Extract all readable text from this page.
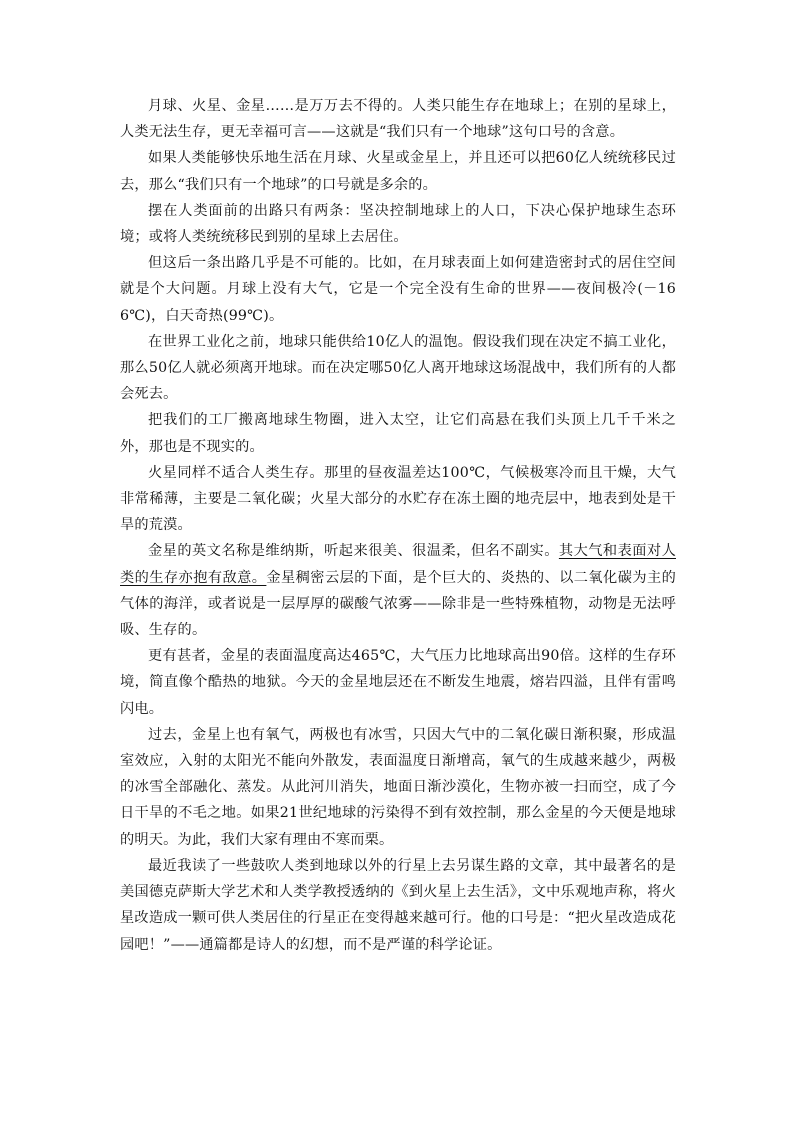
月球、火星、金星……是万万去不得的。人类只能生存在地球上；在别的星球上，人类无法生存，更无幸福可言——这就是“我们只有一个地球”这句口号的含意。

如果人类能够快乐地生活在月球、火星或金星上，并且还可以把60亿人统统移民过去，那么“我们只有一个地球”的口号就是多余的。

摆在人类面前的出路只有两条：坚决控制地球上的人口，下决心保护地球生态环境；或将人类统统移民到别的星球上去居住。

但这后一条出路几乎是不可能的。比如，在月球表面上如何建造密封式的居住空间就是个大问题。月球上没有大气，它是一个完全没有生命的世界——夜间极冷(－166℃)，白天奇热(99℃)。

在世界工业化之前，地球只能供给10亿人的温饱。假设我们现在决定不搞工业化，那么50亿人就必须离开地球。而在决定哪50亿人离开地球这场混战中，我们所有的人都会死去。

把我们的工厂搬离地球生物圈，进入太空，让它们高悬在我们头顶上几千千米之外，那也是不现实的。

火星同样不适合人类生存。那里的昼夜温差达100℃，气候极寒冷而且干燥，大气非常稀薄，主要是二氧化碳；火星大部分的水贮存在冻土圈的地壳层中，地表到处是干旱的荒漠。

金星的英文名称是维纳斯，听起来很美、很温柔，但名不副实。其大气和表面对人类的生存亦抱有敌意。金星稠密云层的下面，是个巨大的、炎热的、以二氧化碳为主的气体的海洋，或者说是一层厚厚的碳酸气浓雾——除非是一些特殊植物，动物是无法呼吸、生存的。

更有甚者，金星的表面温度高达465℃，大气压力比地球高出90倍。这样的生存环境，简直像个酷热的地狱。今天的金星地层还在不断发生地震，熔岩四溢，且伴有雷鸣闪电。

过去，金星上也有氧气，两极也有冰雪，只因大气中的二氧化碳日渐积聚，形成温室效应，入射的太阳光不能向外散发，表面温度日渐增高，氧气的生成越来越少，两极的冰雪全部融化、蒸发。从此河川消失，地面日渐沙漠化，生物亦被一扫而空，成了今日干旱的不毛之地。如果21世纪地球的污染得不到有效控制，那么金星的今天便是地球的明天。为此，我们大家有理由不寒而栗。

最近我读了一些鼓吹人类到地球以外的行星上去另谋生路的文章，其中最著名的是美国德克萨斯大学艺术和人类学教授透纳的《到火星上去生活》，文中乐观地声称，将火星改造成一颗可供人类居住的行星正在变得越来越可行。他的口号是：“把火星改造成花园吧！”——通篇都是诗人的幻想，而不是严谨的科学论证。
